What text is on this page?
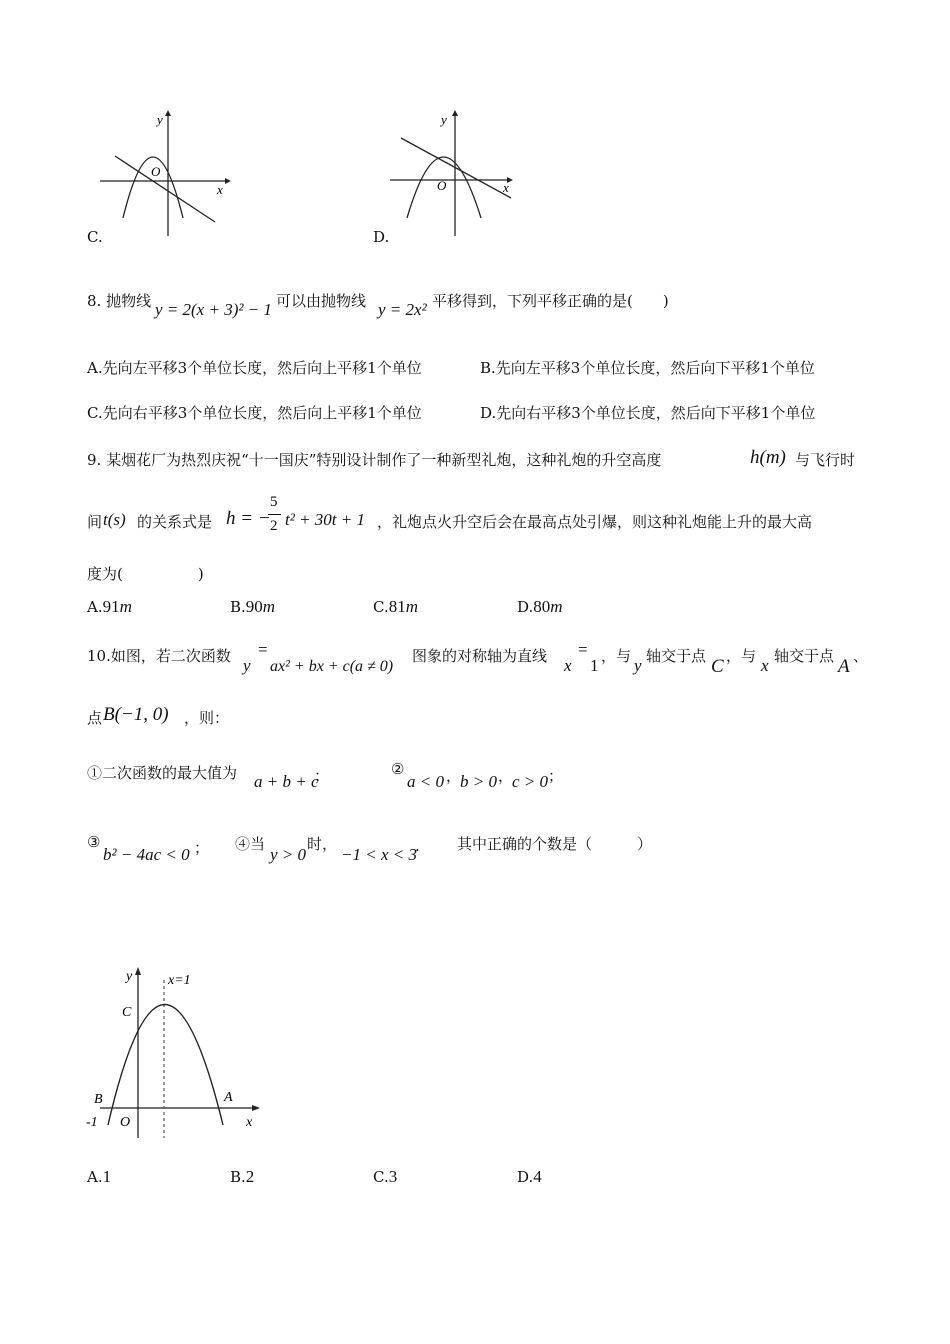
y
x
O
C.
y
x
O
D.
8. 抛物线 y = 2(x + 3)² − 1 可以由抛物线 y = 2x² 平移得到，下列平移正确的是(　　)
A.先向左平移3个单位长度，然后向上平移1个单位	B.先向左平移3个单位长度，然后向下平移1个单位
C.先向右平移3个单位长度，然后向上平移1个单位	D.先向右平移3个单位长度，然后向下平移1个单位
9. 某烟花厂为热烈庆祝“十一国庆”特别设计制作了一种新型礼炮，这种礼炮的升空高度	h(m) 与飞行时
间 t(s) 的关系式是 h = −
5
2 t² + 30t + 1 ，礼炮点火升空后会在最高点处引爆，则这种礼炮能上升的最大高
度为(　　　　　)
A.91m	B.90m	C.81m	D.80m
10.如图，若二次函数 y
=
ax² + bx + c(a ≠ 0)
图象的对称轴为直线 x
=
1 ，与 y 轴交于点 C ，与 x 轴交于点 A 、
点 B(−1, 0) ，则：
①二次函数的最大值为 a + b + c
；	②
a < 0 ，
b > 0 ，
c > 0 ；
③
b² − 4ac < 0 ； ④当
y > 0
时，
−1 < x < 3
. 其中正确的个数是（　　　）
y	x=1
C
B	A
O
-1	x
A.1	B.2	C.3	D.4
